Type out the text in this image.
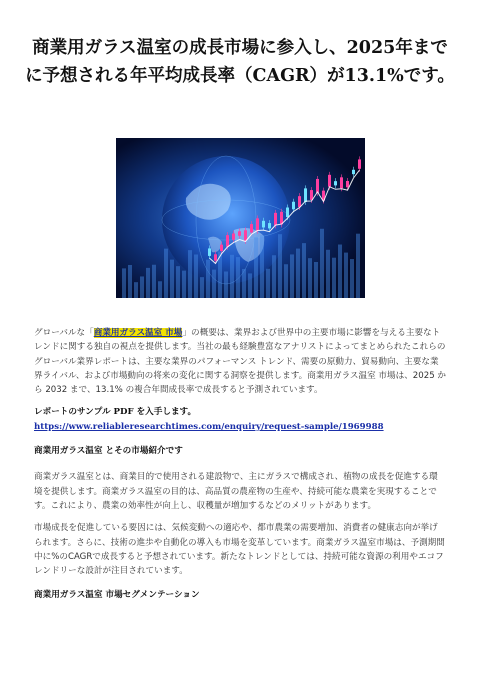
商業用ガラス温室の成長市場に参入し、2025年までに予想される年平均成長率（CAGR）が13.1%です。

グローバルな「商業用ガラス温室 市場」の概要は、業界および世界中の主要市場に影響を与える主要なトレンドに関する独自の視点を提供します。当社の最も経験豊富なアナリストによってまとめられたこれらのグローバル業界レポートは、主要な業界のパフォーマンス トレンド、需要の原動力、貿易動向、主要な業界ライバル、および市場動向の将来の変化に関する洞察を提供します。商業用ガラス温室 市場は、2025 から 2032 まで、13.1% の複合年間成長率で成長すると予測されています。

レポートのサンプル PDF を入手します。 https://www.reliableresearchtimes.com/enquiry/request-sample/1969988

商業用ガラス温室 とその市場紹介です

商業ガラス温室とは、商業目的で使用される建設物で、主にガラスで構成され、植物の成長を促進する環境を提供します。商業ガラス温室の目的は、高品質の農産物の生産や、持続可能な農業を実現することです。これにより、農業の効率性が向上し、収穫量が増加するなどのメリットがあります。

市場成長を促進している要因には、気候変動への適応や、都市農業の需要増加、消費者の健康志向が挙げられます。さらに、技術の進歩や自動化の導入も市場を変革しています。商業ガラス温室市場は、予測期間中に%のCAGRで成長すると予想されています。新たなトレンドとしては、持続可能な資源の利用やエコフレンドリーな設計が注目されています。

商業用ガラス温室 市場セグメンテーション
